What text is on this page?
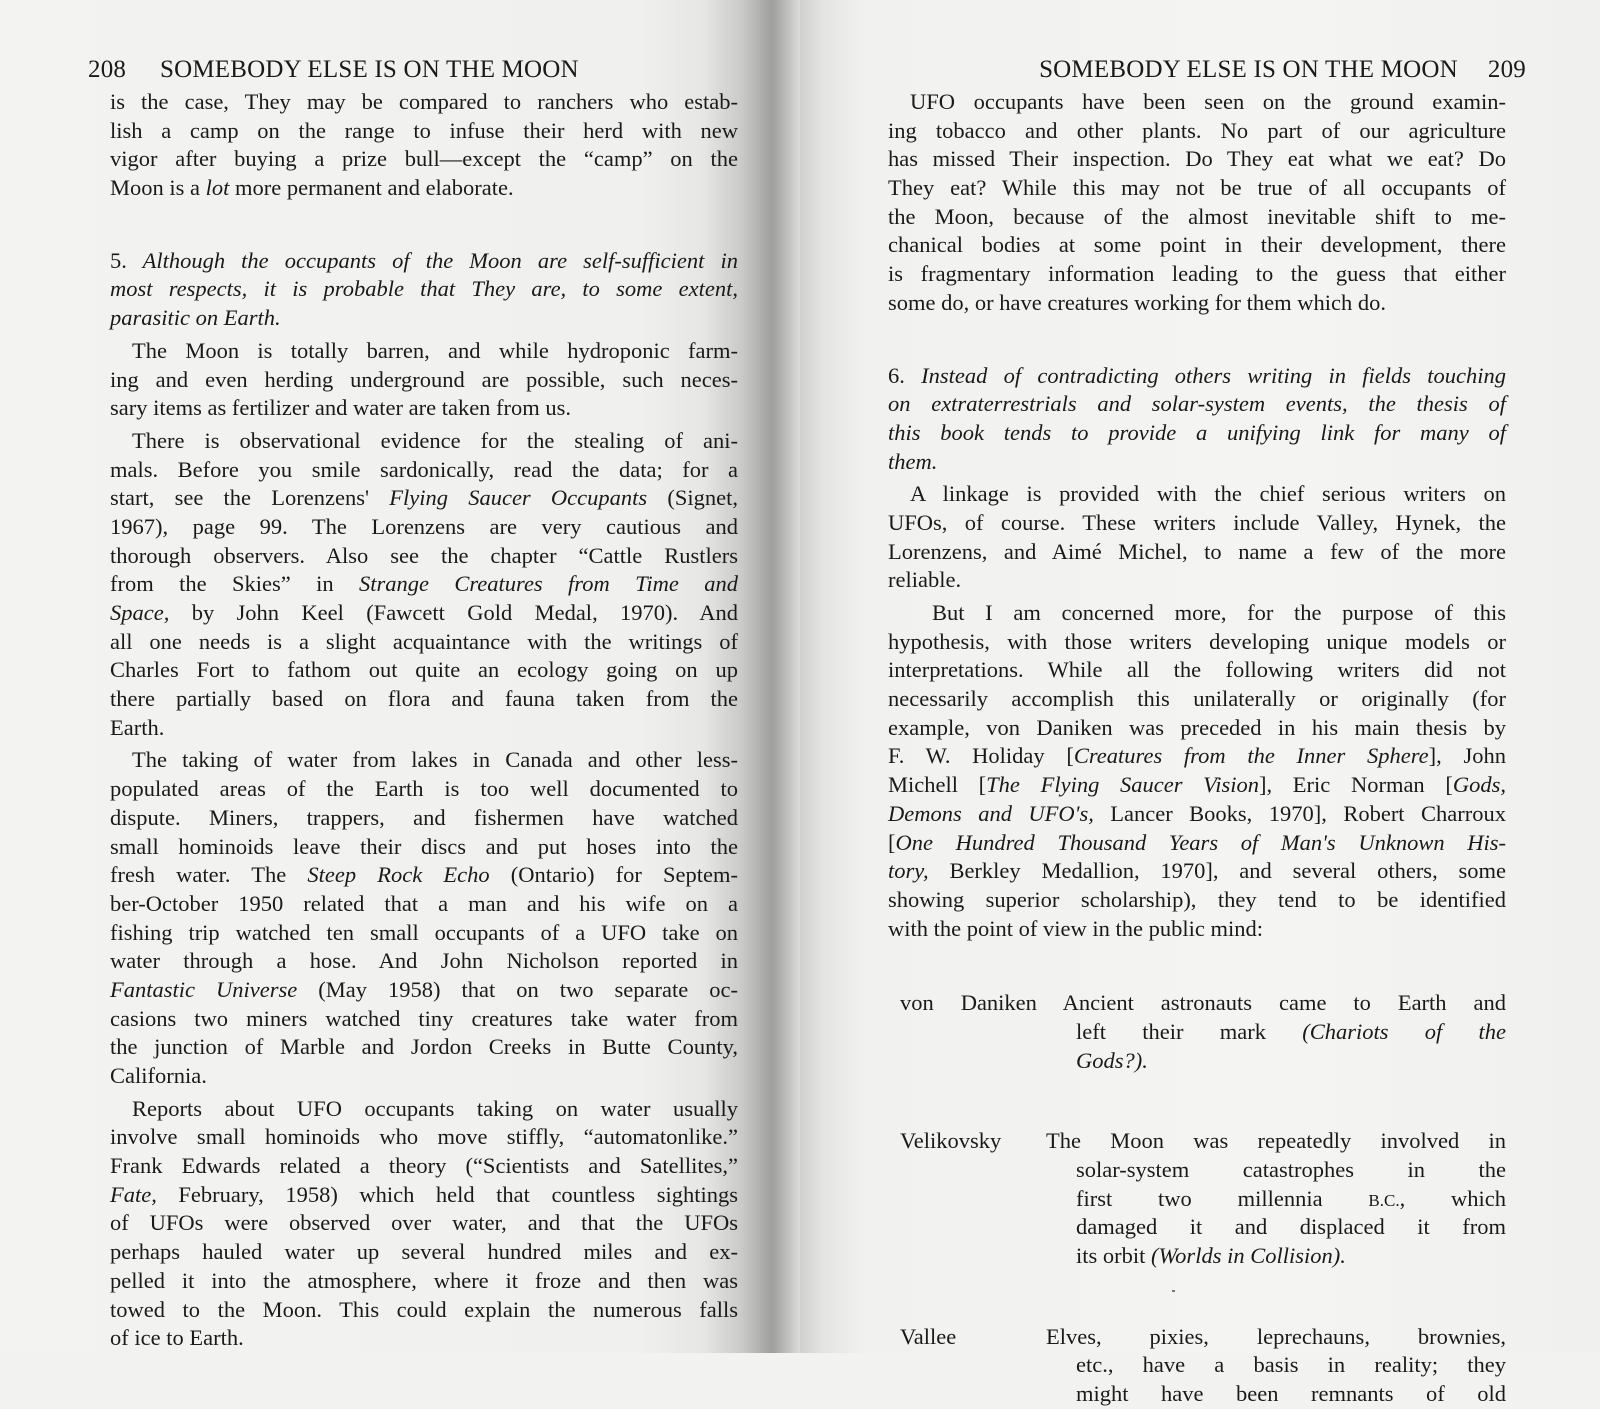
208 SOMEBODY ELSE IS ON THE MOON
is the case, They may be compared to ranchers who estab-
lish a camp on the range to infuse their herd with new
vigor after buying a prize bull—except the “camp” on the
Moon is a lot more permanent and elaborate.
5. Although the occupants of the Moon are self-sufficient in
most respects, it is probable that They are, to some extent,
parasitic on Earth.
The Moon is totally barren, and while hydroponic farm-
ing and even herding underground are possible, such neces-
sary items as fertilizer and water are taken from us.
There is observational evidence for the stealing of ani-
mals. Before you smile sardonically, read the data; for a
start, see the Lorenzens' Flying Saucer Occupants (Signet,
1967), page 99. The Lorenzens are very cautious and
thorough observers. Also see the chapter “Cattle Rustlers
from the Skies” in Strange Creatures from Time and
Space, by John Keel (Fawcett Gold Medal, 1970). And
all one needs is a slight acquaintance with the writings of
Charles Fort to fathom out quite an ecology going on up
there partially based on flora and fauna taken from the
Earth.
The taking of water from lakes in Canada and other less-
populated areas of the Earth is too well documented to
dispute. Miners, trappers, and fishermen have watched
small hominoids leave their discs and put hoses into the
fresh water. The Steep Rock Echo (Ontario) for Septem-
ber-October 1950 related that a man and his wife on a
fishing trip watched ten small occupants of a UFO take on
water through a hose. And John Nicholson reported in
Fantastic Universe (May 1958) that on two separate oc-
casions two miners watched tiny creatures take water from
the junction of Marble and Jordon Creeks in Butte County,
California.
Reports about UFO occupants taking on water usually
involve small hominoids who move stiffly, “automatonlike.”
Frank Edwards related a theory (“Scientists and Satellites,”
Fate, February, 1958) which held that countless sightings
of UFOs were observed over water, and that the UFOs
perhaps hauled water up several hundred miles and ex-
pelled it into the atmosphere, where it froze and then was
towed to the Moon. This could explain the numerous falls
of ice to Earth.
SOMEBODY ELSE IS ON THE MOON 209
UFO occupants have been seen on the ground examin-
ing tobacco and other plants. No part of our agriculture
has missed Their inspection. Do They eat what we eat? Do
They eat? While this may not be true of all occupants of
the Moon, because of the almost inevitable shift to me-
chanical bodies at some point in their development, there
is fragmentary information leading to the guess that either
some do, or have creatures working for them which do.
6. Instead of contradicting others writing in fields touching
on extraterrestrials and solar-system events, the thesis of
this book tends to provide a unifying link for many of
them.
A linkage is provided with the chief serious writers on
UFOs, of course. These writers include Valley, Hynek, the
Lorenzens, and Aimé Michel, to name a few of the more
reliable.
But I am concerned more, for the purpose of this
hypothesis, with those writers developing unique models or
interpretations. While all the following writers did not
necessarily accomplish this unilaterally or originally (for
example, von Daniken was preceded in his main thesis by
F. W. Holiday [Creatures from the Inner Sphere], John
Michell [The Flying Saucer Vision], Eric Norman [Gods,
Demons and UFO's, Lancer Books, 1970], Robert Charroux
[One Hundred Thousand Years of Man's Unknown His-
tory, Berkley Medallion, 1970], and several others, some
showing superior scholarship), they tend to be identified
with the point of view in the public mind:
von Daniken Ancient astronauts came to Earth and
left their mark (Chariots of the
Gods?).
Velikovsky	The Moon was repeatedly involved in
solar-system catastrophes in the
first two millennia B.C., which
damaged it and displaced it from
its orbit (Worlds in Collision).
Vallee	Elves, pixies, leprechauns, brownies,
etc., have a basis in reality; they
might have been remnants of old
